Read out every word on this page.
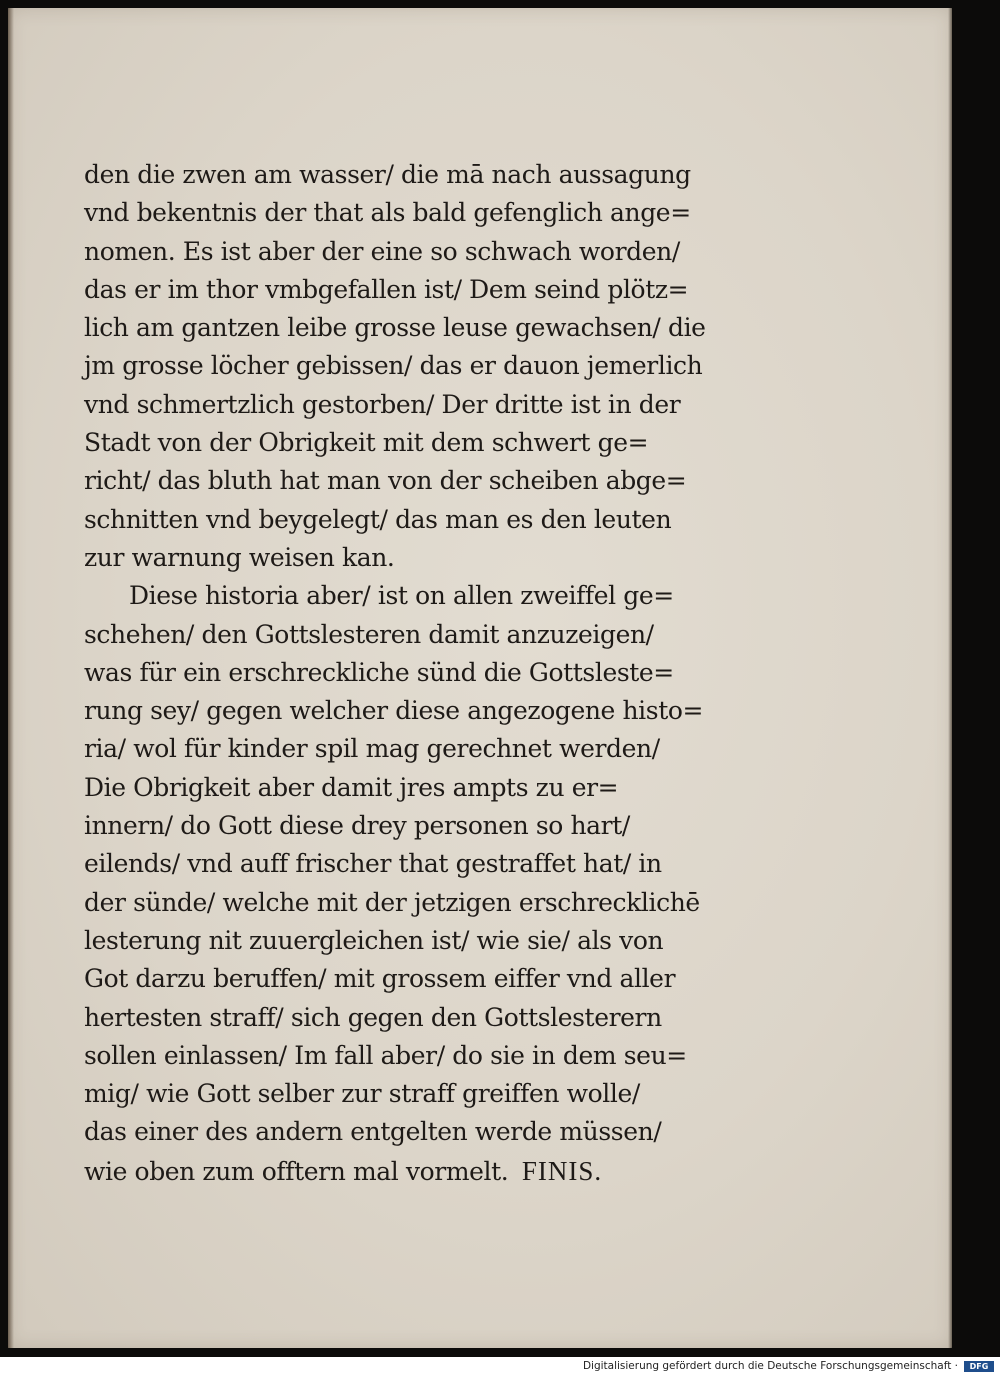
den die zwen am wasser/ die mā nach aussagung
vnd bekentnis der that als bald gefenglich ange=
nomen. Es ist aber der eine so schwach worden/
das er im thor vmbgefallen ist/ Dem seind plötz=
lich am gantzen leibe grosse leuse gewachsen/ die
jm grosse löcher gebissen/ das er dauon jemerlich
vnd schmertzlich gestorben/ Der dritte ist in der
Stadt von der Obrigkeit mit dem schwert ge=
richt/ das bluth hat man von der scheiben abge=
schnitten vnd beygelegt/ das man es den leuten
zur warnung weisen kan.
Diese historia aber/ ist on allen zweiffel ge=
schehen/ den Gottslesteren damit anzuzeigen/
was für ein erschreckliche sünd die Gottsleste=
rung sey/ gegen welcher diese angezogene histo=
ria/ wol für kinder spil mag gerechnet werden/
Die Obrigkeit aber damit jres ampts zu er=
innern/ do Gott diese drey personen so hart/
eilends/ vnd auff frischer that gestraffet hat/ in
der sünde/ welche mit der jetzigen erschrecklichē
lesterung nit zuuergleichen ist/ wie sie/ als von
Got darzu beruffen/ mit grossem eiffer vnd aller
hertesten straff/ sich gegen den Gottslesterern
sollen einlassen/ Im fall aber/ do sie in dem seu=
mig/ wie Gott selber zur straff greiffen wolle/
das einer des andern entgelten werde müssen/
wie oben zum offtern mal vormelt. FINIS.
Digitalisierung gefördert durch die Deutsche Forschungsgemeinschaft ·	DFG
